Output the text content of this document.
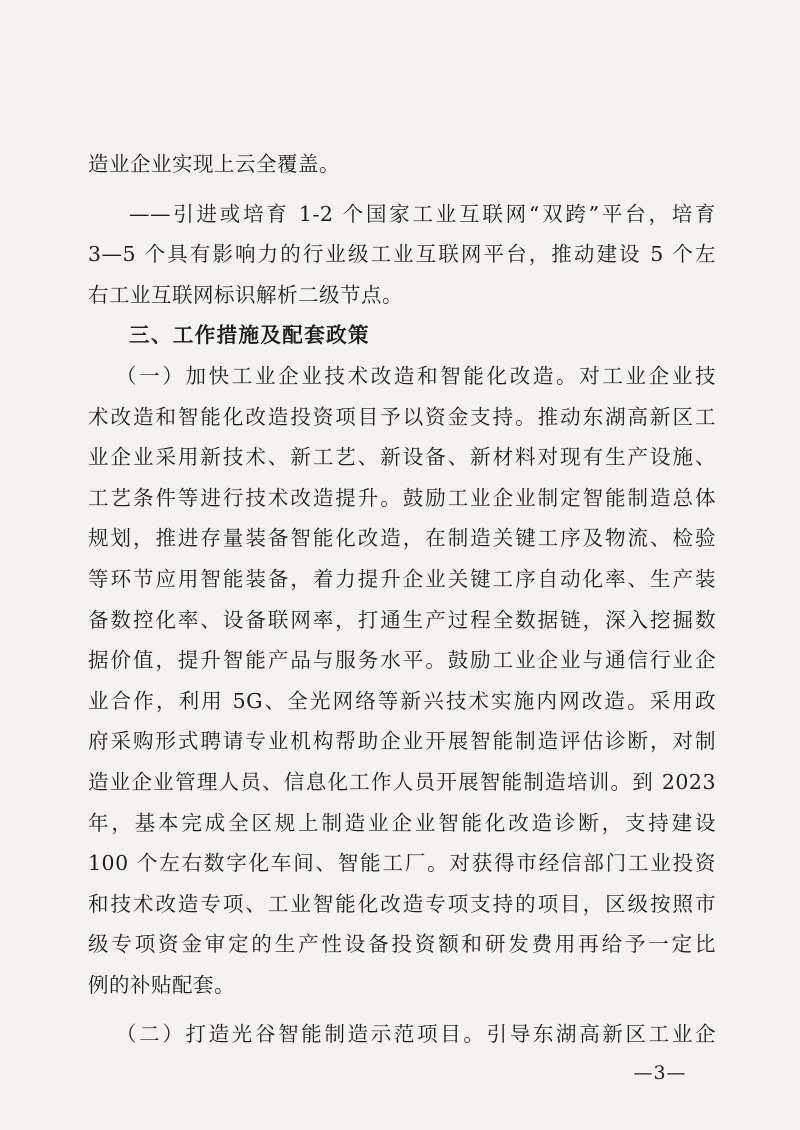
造业企业实现上云全覆盖。
——引进或培育 1-2 个国家工业互联网“双跨”平台，培育
3—5 个具有影响力的行业级工业互联网平台，推动建设 5 个左
右工业互联网标识解析二级节点。
三、工作措施及配套政策
（一）加快工业企业技术改造和智能化改造。对工业企业技
术改造和智能化改造投资项目予以资金支持。推动东湖高新区工
业企业采用新技术、新工艺、新设备、新材料对现有生产设施、
工艺条件等进行技术改造提升。鼓励工业企业制定智能制造总体
规划，推进存量装备智能化改造，在制造关键工序及物流、检验
等环节应用智能装备，着力提升企业关键工序自动化率、生产装
备数控化率、设备联网率，打通生产过程全数据链，深入挖掘数
据价值，提升智能产品与服务水平。鼓励工业企业与通信行业企
业合作，利用 5G、全光网络等新兴技术实施内网改造。采用政
府采购形式聘请专业机构帮助企业开展智能制造评估诊断，对制
造业企业管理人员、信息化工作人员开展智能制造培训。到 2023
年，基本完成全区规上制造业企业智能化改造诊断，支持建设
100 个左右数字化车间、智能工厂。对获得市经信部门工业投资
和技术改造专项、工业智能化改造专项支持的项目，区级按照市
级专项资金审定的生产性设备投资额和研发费用再给予一定比
例的补贴配套。
（二）打造光谷智能制造示范项目。引导东湖高新区工业企
—3—
